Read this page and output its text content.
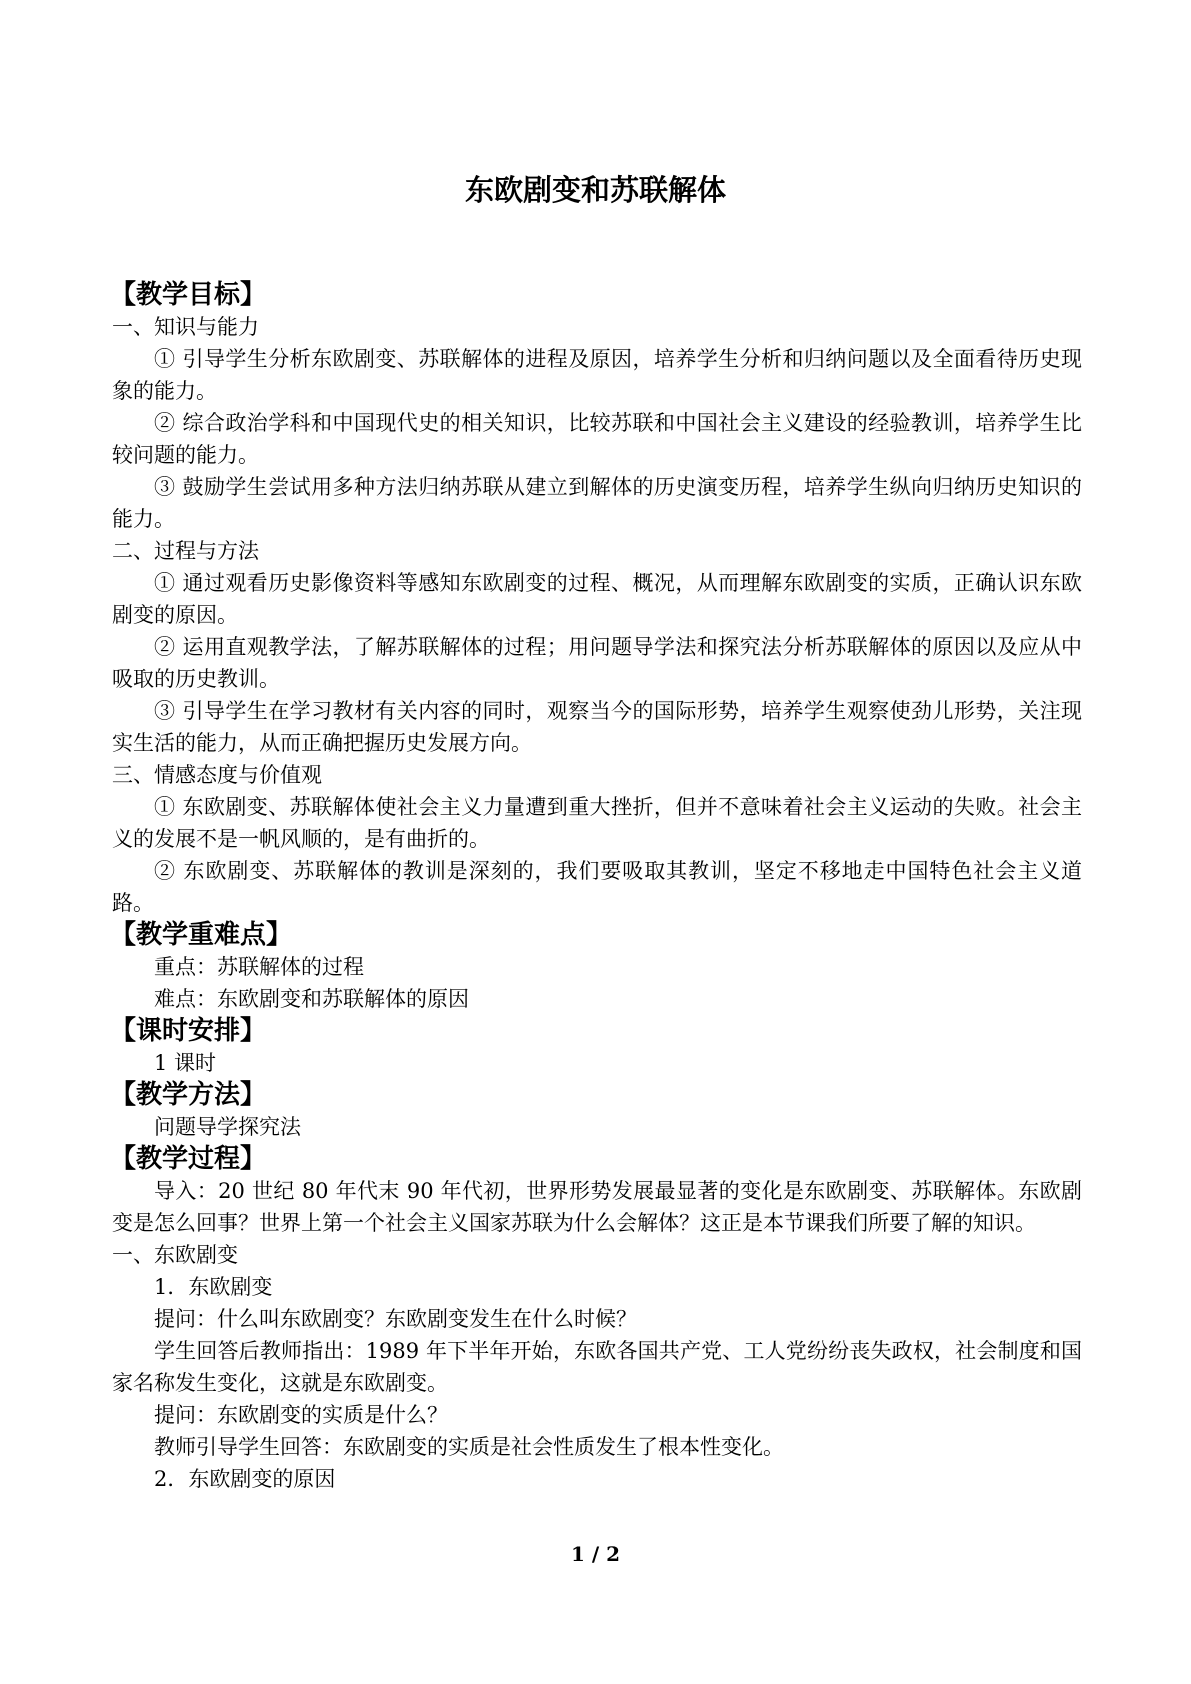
东欧剧变和苏联解体
【教学目标】
一、知识与能力
① 引导学生分析东欧剧变、苏联解体的进程及原因，培养学生分析和归纳问题以及全面看待历史现象的能力。
② 综合政治学科和中国现代史的相关知识，比较苏联和中国社会主义建设的经验教训，培养学生比较问题的能力。
③ 鼓励学生尝试用多种方法归纳苏联从建立到解体的历史演变历程，培养学生纵向归纳历史知识的能力。
二、过程与方法
① 通过观看历史影像资料等感知东欧剧变的过程、概况，从而理解东欧剧变的实质，正确认识东欧剧变的原因。
② 运用直观教学法，了解苏联解体的过程；用问题导学法和探究法分析苏联解体的原因以及应从中吸取的历史教训。
③ 引导学生在学习教材有关内容的同时，观察当今的国际形势，培养学生观察使劲儿形势，关注现实生活的能力，从而正确把握历史发展方向。
三、情感态度与价值观
① 东欧剧变、苏联解体使社会主义力量遭到重大挫折，但并不意味着社会主义运动的失败。社会主义的发展不是一帆风顺的，是有曲折的。
② 东欧剧变、苏联解体的教训是深刻的，我们要吸取其教训，坚定不移地走中国特色社会主义道路。
【教学重难点】
重点：苏联解体的过程
难点：东欧剧变和苏联解体的原因
【课时安排】
1 课时
【教学方法】
问题导学探究法
【教学过程】
导入：20 世纪 80 年代末 90 年代初，世界形势发展最显著的变化是东欧剧变、苏联解体。东欧剧变是怎么回事？世界上第一个社会主义国家苏联为什么会解体？这正是本节课我们所要了解的知识。
一、东欧剧变
1．东欧剧变
提问：什么叫东欧剧变？东欧剧变发生在什么时候？
学生回答后教师指出：1989 年下半年开始，东欧各国共产党、工人党纷纷丧失政权，社会制度和国家名称发生变化，这就是东欧剧变。
提问：东欧剧变的实质是什么？
教师引导学生回答：东欧剧变的实质是社会性质发生了根本性变化。
2．东欧剧变的原因
1 / 2
